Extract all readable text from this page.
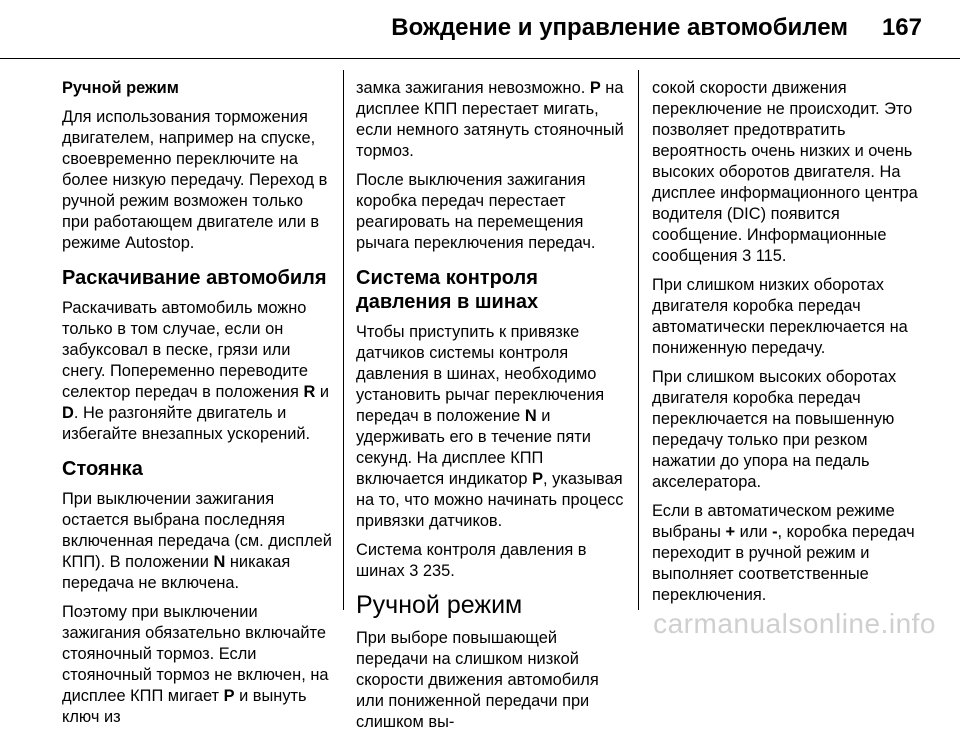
Вождение и управление автомобилем 167

Ручной режим

Для использования торможения двигателем, например на спуске, своевременно переключите на более низкую передачу. Переход в ручной режим возможен только при работающем двигателе или в режиме Autostop.

Раскачивание автомобиля

Раскачивать автомобиль можно только в том случае, если он забуксовал в песке, грязи или снегу. Попеременно переводите селектор передач в положения R и D. Не разгоняйте двигатель и избегайте внезапных ускорений.

Стоянка

При выключении зажигания остается выбрана последняя включенная передача (см. дисплей КПП). В положении N никакая передача не включена.

Поэтому при выключении зажигания обязательно включайте стояночный тормоз. Если стояночный тормоз не включен, на дисплее КПП мигает P и вынуть ключ из

замка зажигания невозможно. P на дисплее КПП перестает мигать, если немного затянуть стояночный тормоз.

После выключения зажигания коробка передач перестает реагировать на перемещения рычага переключения передач.

Система контроля давления в шинах

Чтобы приступить к привязке датчиков системы контроля давления в шинах, необходимо установить рычаг переключения передач в положение N и удерживать его в течение пяти секунд. На дисплее КПП включается индикатор P, указывая на то, что можно начинать процесс привязки датчиков.

Система контроля давления в шинах 3 235.

Ручной режим

При выборе повышающей передачи на слишком низкой скорости движения автомобиля или пониженной передачи при слишком вы-

сокой скорости движения переключение не происходит. Это позволяет предотвратить вероятность очень низких и очень высоких оборотов двигателя. На дисплее информационного центра водителя (DIC) появится сообщение. Информационные сообщения 3 115.

При слишком низких оборотах двигателя коробка передач автоматически переключается на пониженную передачу.

При слишком высоких оборотах двигателя коробка передач переключается на повышенную передачу только при резком нажатии до упора на педаль акселератора.

Если в автоматическом режиме выбраны + или -, коробка передач переходит в ручной режим и выполняет соответственные переключения.

carmanualsonline.info
